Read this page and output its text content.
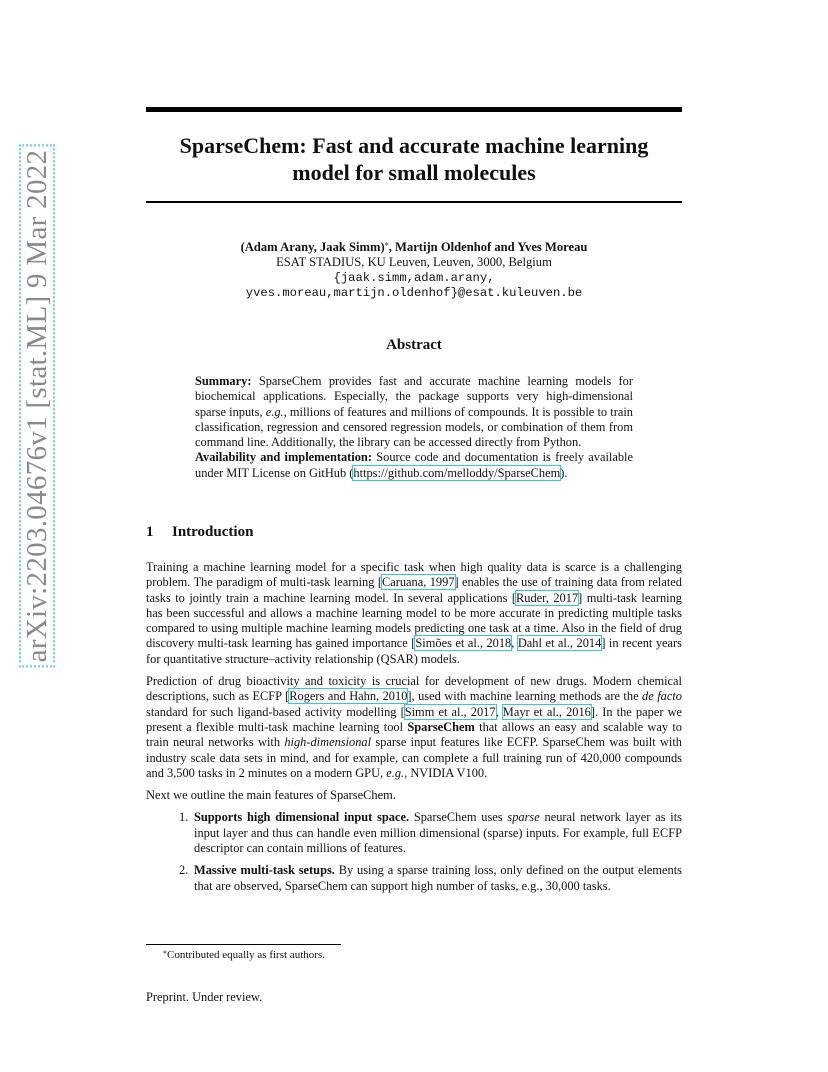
arXiv:2203.04676v1 [stat.ML] 9 Mar 2022
SparseChem: Fast and accurate machine learning
model for small molecules
(Adam Arany, Jaak Simm)*, Martijn Oldenhof and Yves Moreau
ESAT STADIUS, KU Leuven, Leuven, 3000, Belgium
{jaak.simm,adam.arany,
yves.moreau,martijn.oldenhof}@esat.kuleuven.be
Abstract

Summary: SparseChem provides fast and accurate machine learning models for biochemical applications. Especially, the package supports very high-dimensional sparse inputs, e.g., millions of features and millions of compounds. It is possible to train classification, regression and censored regression models, or combination of them from command line. Additionally, the library can be accessed directly from Python.

Availability and implementation: Source code and documentation is freely available under MIT License on GitHub (https://github.com/melloddy/SparseChem).

1 Introduction

Training a machine learning model for a specific task when high quality data is scarce is a challenging problem. The paradigm of multi-task learning [Caruana, 1997] enables the use of training data from related tasks to jointly train a machine learning model. In several applications [Ruder, 2017] multi-task learning has been successful and allows a machine learning model to be more accurate in predicting multiple tasks compared to using multiple machine learning models predicting one task at a time. Also in the field of drug discovery multi-task learning has gained importance [Simões et al., 2018, Dahl et al., 2014] in recent years for quantitative structure–activity relationship (QSAR) models.

Prediction of drug bioactivity and toxicity is crucial for development of new drugs. Modern chemical descriptions, such as ECFP [Rogers and Hahn, 2010], used with machine learning methods are the de facto standard for such ligand-based activity modelling [Simm et al., 2017, Mayr et al., 2016]. In the paper we present a flexible multi-task machine learning tool SparseChem that allows an easy and scalable way to train neural networks with high-dimensional sparse input features like ECFP. SparseChem was built with industry scale data sets in mind, and for example, can complete a full training run of 420,000 compounds and 3,500 tasks in 2 minutes on a modern GPU, e.g., NVIDIA V100.

Next we outline the main features of SparseChem.

1. Supports high dimensional input space. SparseChem uses sparse neural network layer as its input layer and thus can handle even million dimensional (sparse) inputs. For example, full ECFP descriptor can contain millions of features.
2. Massive multi-task setups. By using a sparse training loss, only defined on the output elements that are observed, SparseChem can support high number of tasks, e.g., 30,000 tasks.
*Contributed equally as first authors.
Preprint. Under review.
